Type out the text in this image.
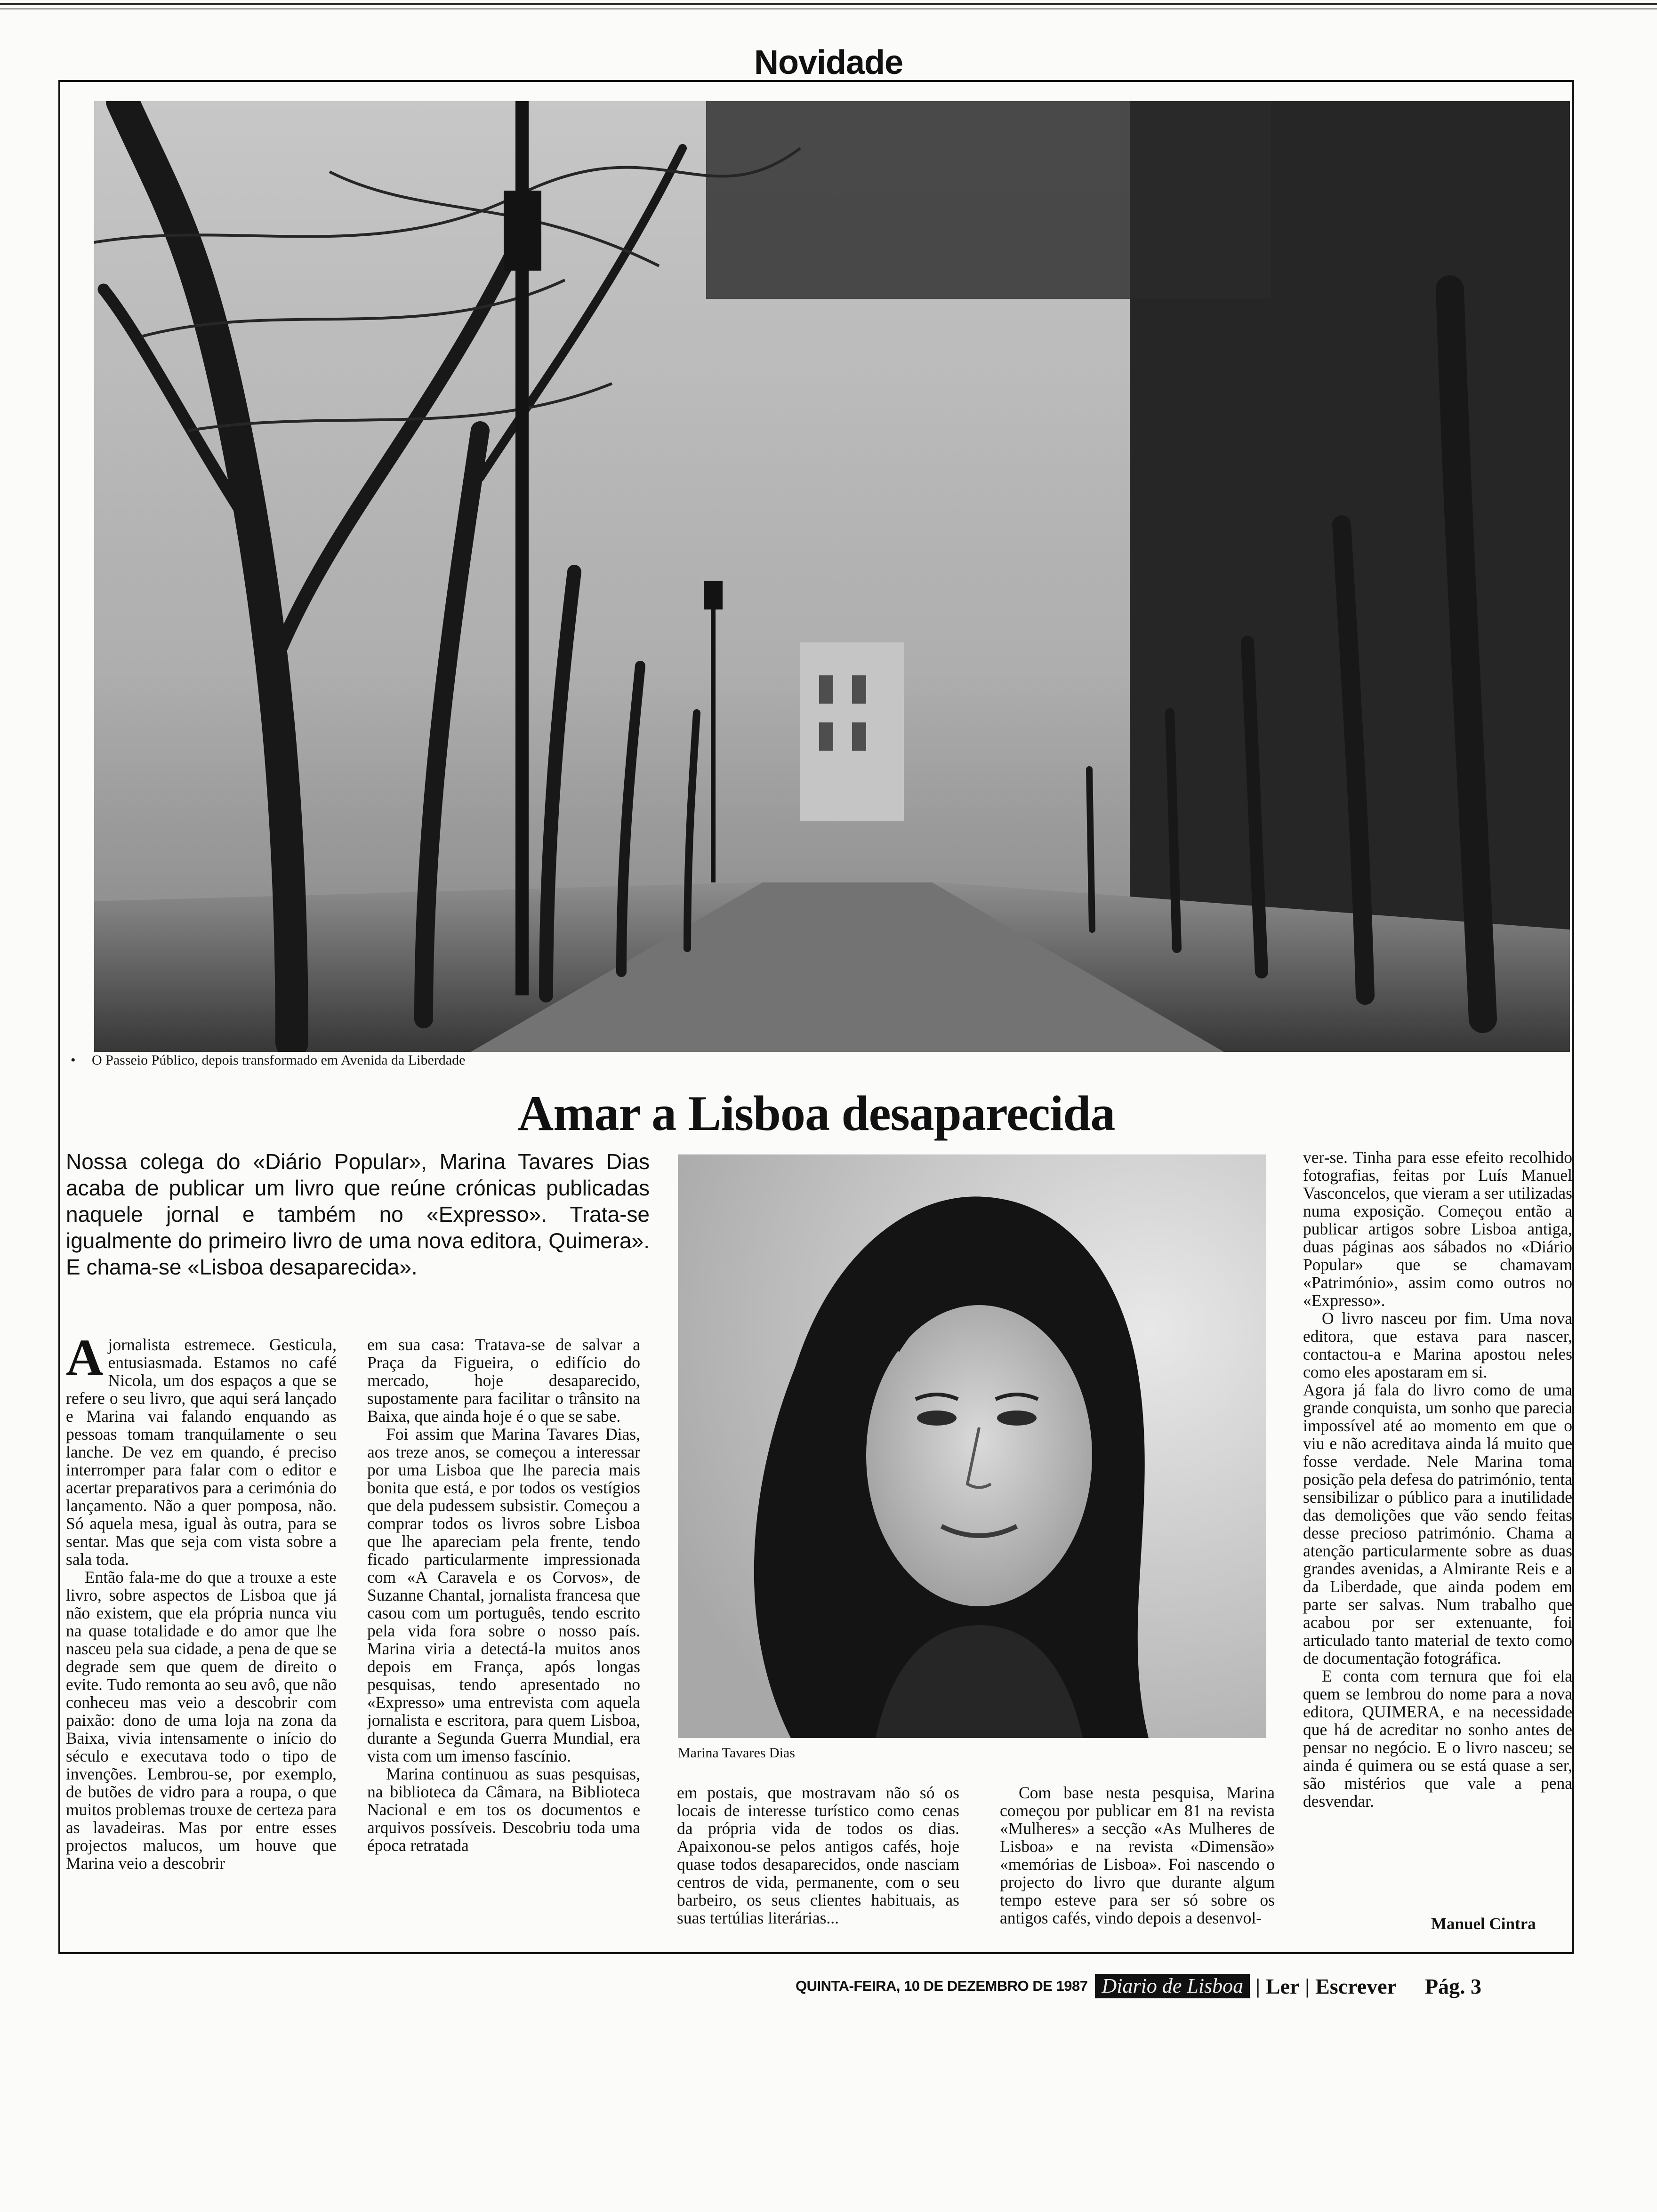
Novidade
• O Passeio Público, depois transformado em Avenida da Liberdade
Amar a Lisboa desaparecida
Nossa colega do «Diário Popular», Marina Tavares Dias acaba de publicar um livro que reúne crónicas publicadas naquele jornal e também no «Expresso». Trata-se igualmente do primeiro livro de uma nova editora, Quimera». E chama-se «Lisboa desaparecida».

Ajornalista estremece. Gesticula, entusiasmada. Estamos no café Nicola, um dos espaços a que se refere o seu livro, que aqui será lançado e Marina vai falando enquando as pessoas tomam tranquilamente o seu lanche. De vez em quando, é preciso interromper para falar com o editor e acertar preparativos para a cerimónia do lançamento. Não a quer pomposa, não. Só aquela mesa, igual às outra, para se sentar. Mas que seja com vista sobre a sala toda.

Então fala-me do que a trouxe a este livro, sobre aspectos de Lisboa que já não existem, que ela própria nunca viu na quase totalidade e do amor que lhe nasceu pela sua cidade, a pena de que se degrade sem que quem de direito o evite. Tudo remonta ao seu avô, que não conheceu mas veio a descobrir com paixão: dono de uma loja na zona da Baixa, vivia intensamente o início do século e executava todo o tipo de invenções. Lembrou-se, por exemplo, de butões de vidro para a roupa, o que muitos problemas trouxe de certeza para as lavadeiras. Mas por entre esses projectos malucos, um houve que Marina veio a descobrir

em sua casa: Tratava-se de salvar a Praça da Figueira, o edifício do mercado, hoje desaparecido, supostamente para facilitar o trânsito na Baixa, que ainda hoje é o que se sabe.

Foi assim que Marina Tavares Dias, aos treze anos, se começou a interessar por uma Lisboa que lhe parecia mais bonita que está, e por todos os vestígios que dela pudessem subsistir. Começou a comprar todos os livros sobre Lisboa que lhe apareciam pela frente, tendo ficado particularmente impressionada com «A Caravela e os Corvos», de Suzanne Chantal, jornalista francesa que casou com um português, tendo escrito pela vida fora sobre o nosso país. Marina viria a detectá-la muitos anos depois em França, após longas pesquisas, tendo apresentado no «Expresso» uma entrevista com aquela jornalista e escritora, para quem Lisboa, durante a Segunda Guerra Mundial, era vista com um imenso fascínio.

Marina continuou as suas pesquisas, na biblioteca da Câmara, na Biblioteca Nacional e em tos os documentos e arquivos possíveis. Descobriu toda uma época retratada

Marina Tavares Dias

em postais, que mostravam não só os locais de interesse turístico como cenas da própria vida de todos os dias. Apaixonou-se pelos antigos cafés, hoje quase todos desaparecidos, onde nasciam centros de vida, permanente, com o seu barbeiro, os seus clientes habituais, as suas tertúlias literárias...

Com base nesta pesquisa, Marina começou por publicar em 81 na revista «Mulheres» a secção «As Mulheres de Lisboa» e na revista «Dimensão» «memórias de Lisboa». Foi nascendo o projecto do livro que durante algum tempo esteve para ser só sobre os antigos cafés, vindo depois a desenvol-

ver-se. Tinha para esse efeito recolhido fotografias, feitas por Luís Manuel Vasconcelos, que vieram a ser utilizadas numa exposição. Começou então a publicar artigos sobre Lisboa antiga, duas páginas aos sábados no «Diário Popular» que se chamavam «Património», assim como outros no «Expresso».

O livro nasceu por fim. Uma nova editora, que estava para nascer, contactou-a e Marina apostou neles como eles apostaram em si.

Agora já fala do livro como de uma grande conquista, um sonho que parecia impossível até ao momento em que o viu e não acreditava ainda lá muito que fosse verdade. Nele Marina toma posição pela defesa do património, tenta sensibilizar o público para a inutilidade das demolições que vão sendo feitas desse precioso património. Chama a atenção particularmente sobre as duas grandes avenidas, a Almirante Reis e a da Liberdade, que ainda podem em parte ser salvas. Num trabalho que acabou por ser extenuante, foi articulado tanto material de texto como de documentação fotográfica.

E conta com ternura que foi ela quem se lembrou do nome para a nova editora, QUIMERA, e na necessidade que há de acreditar no sonho antes de pensar no negócio. E o livro nasceu; se ainda é quimera ou se está quase a ser, são mistérios que vale a pena desvendar.

Manuel Cintra
QUINTA-FEIRA, 10 DE DEZEMBRO DE 1987 Diario de Lisboa | Ler | Escrever Pág. 3
